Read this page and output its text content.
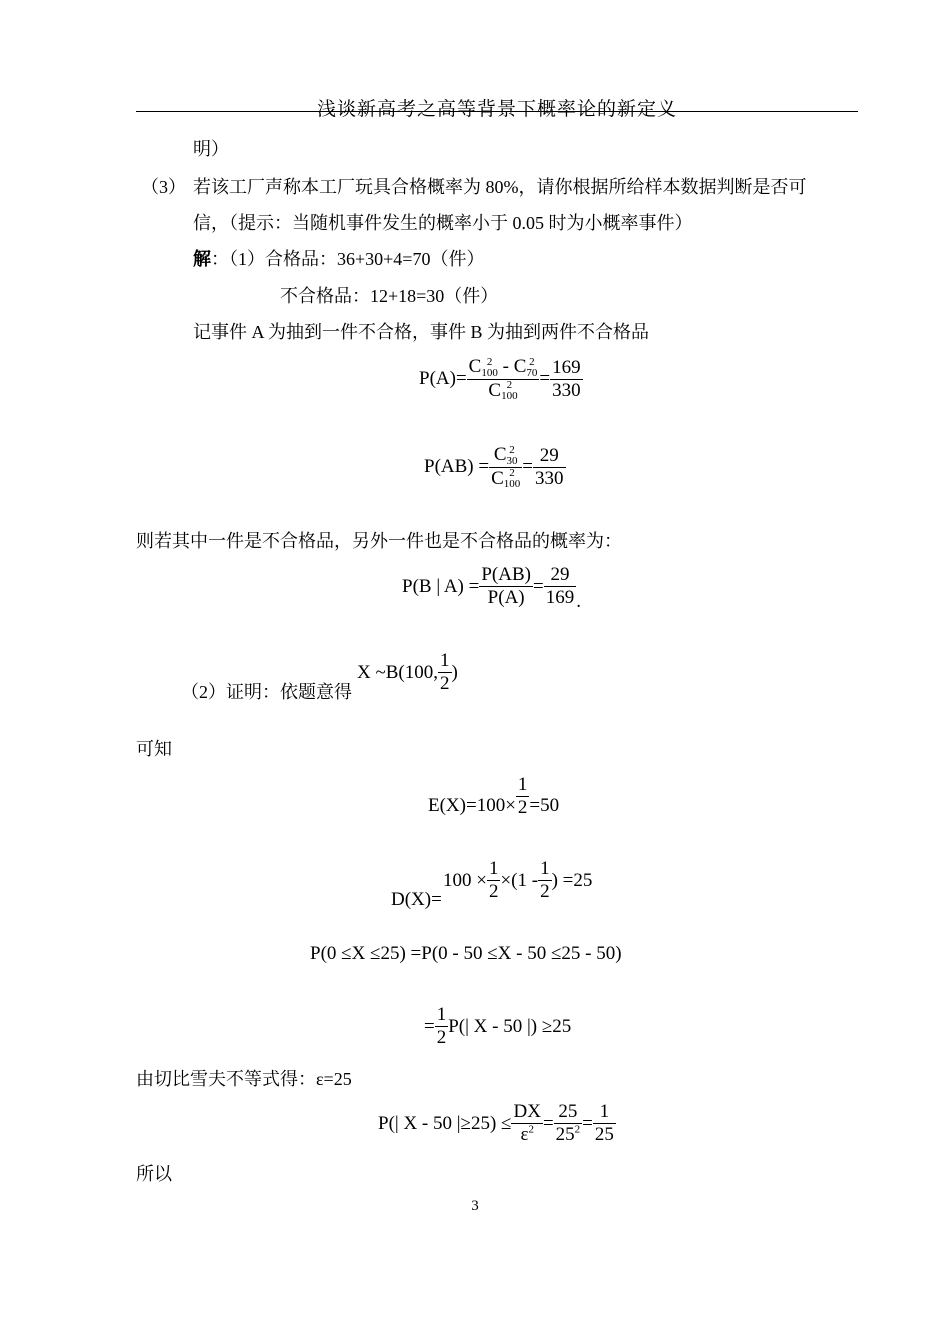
浅谈新高考之高等背景下概率论的新定义
明）
（3） 若该工厂声称本工厂玩具合格概率为 80%，请你根据所给样本数据判断是否可
信，（提示：当随机事件发生的概率小于 0.05 时为小概率事件）
解：（1）合格品：36+30+4=70（件）
不合格品：12+18=30（件）
记事件 A 为抽到一件不合格，事件 B 为抽到两件不合格品
P(A)= C 2
100 - C 2
70
C 2
$100 = \frac{169}{330}$
P(AB) = C 2
30
C 2
$100 = \frac{29}{330}$
则若其中一件是不合格品，另外一件也是不合格品的概率为：
P(B | $A) = \frac{P(AB)}{P(A)} = \frac{29}{169}$ .
（2）证明：依题意得
X ~B(100, $\frac{1}{2}$ )
可知
$E(X)=100\times \frac{1}{2} =50$
D(X)=
$100 \times \frac{1}{2} \times(1 - \frac{1}{2}$ ) =25
P(0 ≤X ≤25) =P(0 - 50 ≤X - 50 ≤25 - 50)
= $\frac{1}{2} P(|$ X - 50 |) ≥25
由切比雪夫不等式得：ε=25
P(| X - 50 $|\ge 25) \le \frac{DX}{\varepsilon^2} = \frac{25}{25^2} = \frac{1}{25}$
所以
3
